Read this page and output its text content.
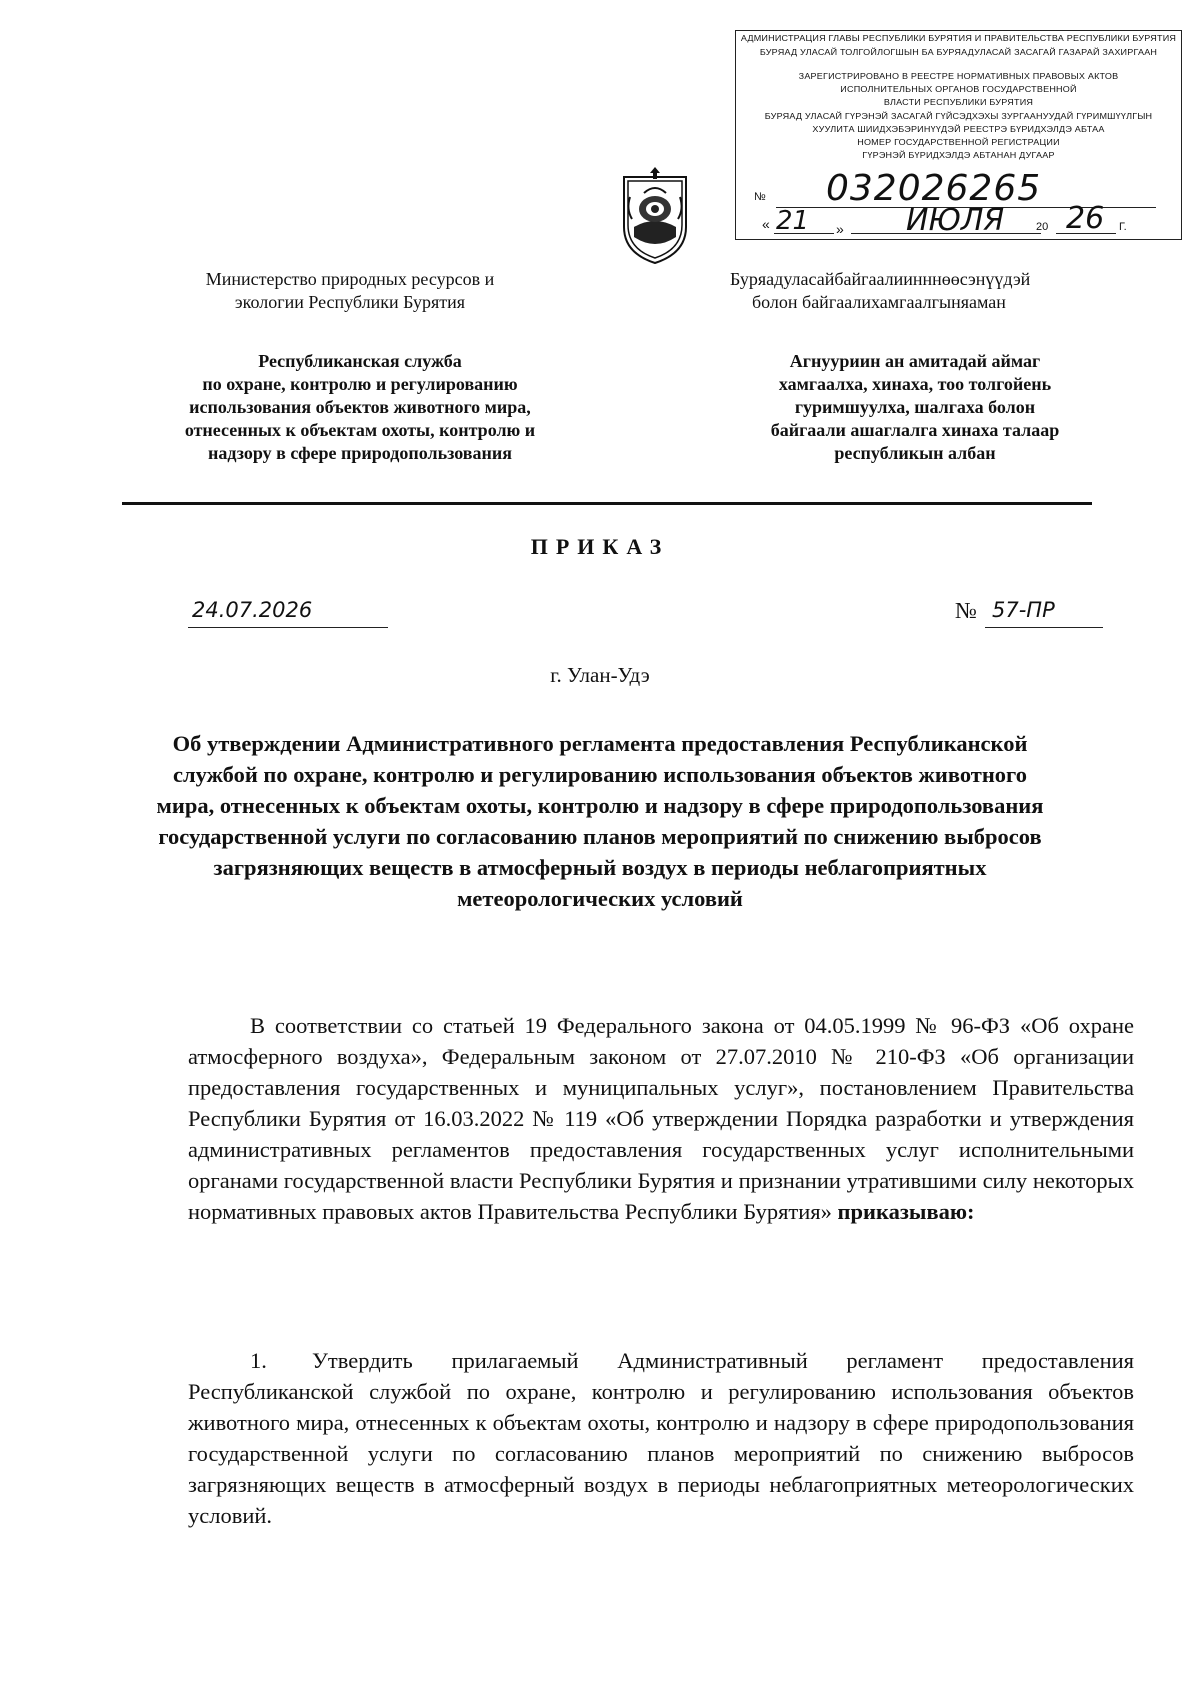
АДМИНИСТРАЦИЯ ГЛАВЫ РЕСПУБЛИКИ БУРЯТИЯ И ПРАВИТЕЛЬСТВА РЕСПУБЛИКИ БУРЯТИЯ
БУРЯАД УЛАСАЙ ТОЛГОЙЛОГШЫН БА БУРЯАДУЛАСАЙ ЗАСАГАЙ ГАЗАРАЙ ЗАХИРГААН
ЗАРЕГИСТРИРОВАНО В РЕЕСТРЕ НОРМАТИВНЫХ ПРАВОВЫХ АКТОВ
ИСПОЛНИТЕЛЬНЫХ ОРГАНОВ ГОСУДАРСТВЕННОЙ
ВЛАСТИ РЕСПУБЛИКИ БУРЯТИЯ
БУРЯАД УЛАСАЙ ГҮРЭНЭЙ ЗАСАГАЙ ГҮЙСЭДХЭХЫ ЗУРГААНУУДАЙ ГҮРИМШҮҮЛГЫН
ХУУЛИТА ШИИДХЭБЭРИНҮҮДЭЙ РЕЕСТРЭ БҮРИДХЭЛДЭ АБТАА
НОМЕР ГОСУДАРСТВЕННОЙ РЕГИСТРАЦИИ
ГҮРЭНЭЙ БҮРИДХЭЛДЭ АБТАHАН ДУГААР
№ 032026265
« 21 » ИЮЛЯ	20 26 Г.
Министерство природных ресурсов и
экологии Республики Бурятия
Республиканская служба
по охране, контролю и регулированию
использования объектов животного мира,
отнесенных к объектам охоты, контролю и
надзору в сфере природопользования
Буряадуласайбайгаалиинннөөсэнүүдэй
болон байгаалихамгаалгыняаман
Агнууриин ан амитадай аймаг
хамгаалха, хинаха, тоо толгойень
гуримшуулха, шалгаха болон
байгаали ашаглалга хинаха талаар
республикын албан
ПРИКАЗ
24.07.2026	№ 57-ПР
г. Улан-Удэ
Об утверждении Административного регламента предоставления Республиканской службой по охране, контролю и регулированию использования объектов животного мира, отнесенных к объектам охоты, контролю и надзору в сфере природопользования государственной услуги по согласованию планов мероприятий по снижению выбросов загрязняющих веществ в атмосферный воздух в периоды неблагоприятных метеорологических условий
В соответствии со статьей 19 Федерального закона от 04.05.1999 № 96-ФЗ «Об охране атмосферного воздуха», Федеральным законом от 27.07.2010 № 210-ФЗ «Об организации предоставления государственных и муниципальных услуг», постановлением Правительства Республики Бурятия от 16.03.2022 № 119 «Об утверждении Порядка разработки и утверждения административных регламентов предоставления государственных услуг исполнительными органами государственной власти Республики Бурятия и признании утратившими силу некоторых нормативных правовых актов Правительства Республики Бурятия» приказываю:
1. Утвердить прилагаемый Административный регламент предоставления Республиканской службой по охране, контролю и регулированию использования объектов животного мира, отнесенных к объектам охоты, контролю и надзору в сфере природопользования государственной услуги по согласованию планов мероприятий по снижению выбросов загрязняющих веществ в атмосферный воздух в периоды неблагоприятных метеорологических условий.
